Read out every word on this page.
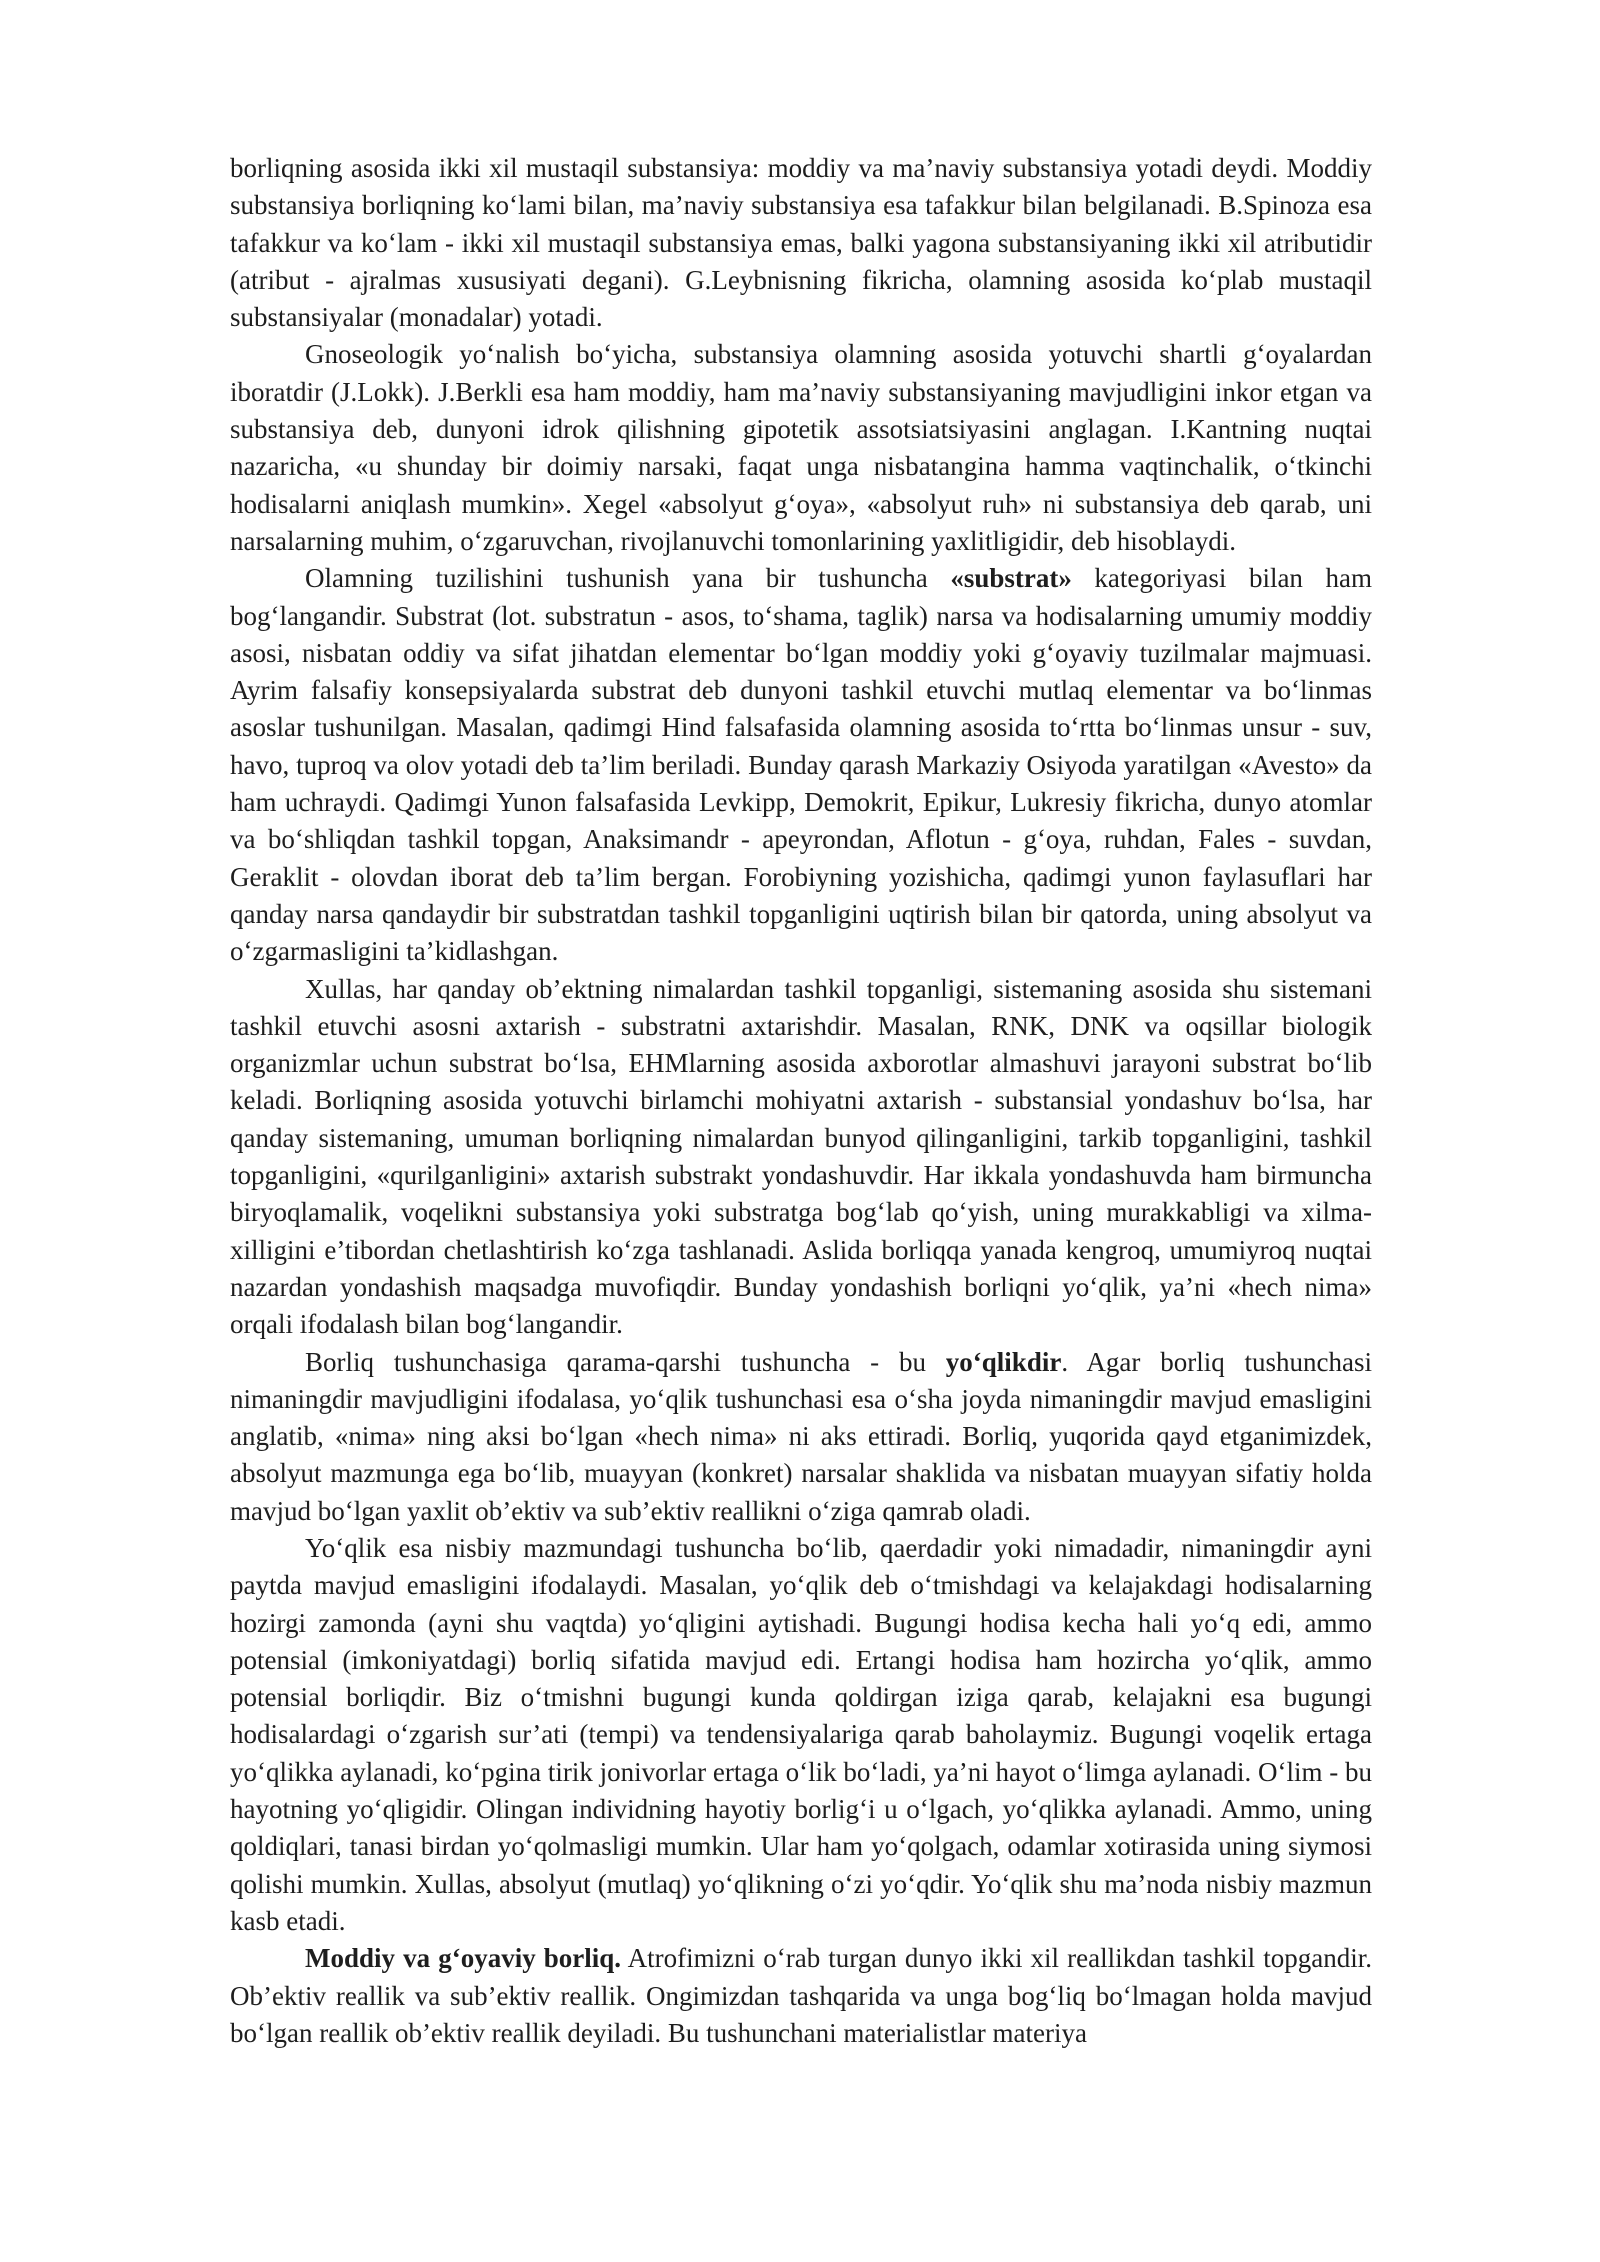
borliqning asosida ikki xil mustaqil substansiya: moddiy va ma’naviy substansiya yotadi deydi. Moddiy substansiya borliqning ko‘lami bilan, ma’naviy substansiya esa tafakkur bilan belgilanadi. B.Spinoza esa tafakkur va ko‘lam - ikki xil mustaqil substansiya emas, balki yagona substansiyaning ikki xil atributidir (atribut - ajralmas xususiyati degani). G.Leybnisning fikricha, olamning asosida ko‘plab mustaqil substansiyalar (monadalar) yotadi.

Gnoseologik yo‘nalish bo‘yicha, substansiya olamning asosida yotuvchi shartli g‘oyalardan iboratdir (J.Lokk). J.Berkli esa ham moddiy, ham ma’naviy substansiyaning mavjudligini inkor etgan va substansiya deb, dunyoni idrok qilishning gipotetik assotsiatsiyasini anglagan. I.Kantning nuqtai nazaricha, «u shunday bir doimiy narsaki, faqat unga nisbatangina hamma vaqtinchalik, o‘tkinchi hodisalarni aniqlash mumkin». Xegel «absolyut g‘oya», «absolyut ruh» ni substansiya deb qarab, uni narsalarning muhim, o‘zgaruvchan, rivojlanuvchi tomonlarining yaxlitligidir, deb hisoblaydi.

Olamning tuzilishini tushunish yana bir tushuncha «substrat» kategoriyasi bilan ham bog‘langandir. Substrat (lot. substratun - asos, to‘shama, taglik) narsa va hodisalarning umumiy moddiy asosi, nisbatan oddiy va sifat jihatdan elementar bo‘lgan moddiy yoki g‘oyaviy tuzilmalar majmuasi. Ayrim falsafiy konsepsiyalarda substrat deb dunyoni tashkil etuvchi mutlaq elementar va bo‘linmas asoslar tushunilgan. Masalan, qadimgi Hind falsafasida olamning asosida to‘rtta bo‘linmas unsur - suv, havo, tuproq va olov yotadi deb ta’lim beriladi. Bunday qarash Markaziy Osiyoda yaratilgan «Avesto» da ham uchraydi. Qadimgi Yunon falsafasida Levkipp, Demokrit, Epikur, Lukresiy fikricha, dunyo atomlar va bo‘shliqdan tashkil topgan, Anaksimandr - apeyrondan, Aflotun - g‘oya, ruhdan, Fales - suvdan, Geraklit - olovdan iborat deb ta’lim bergan. Forobiyning yozishicha, qadimgi yunon faylasuflari har qanday narsa qandaydir bir substratdan tashkil topganligini uqtirish bilan bir qatorda, uning absolyut va o‘zgarmasligini ta’kidlashgan.

Xullas, har qanday ob’ektning nimalardan tashkil topganligi, sistemaning asosida shu sistemani tashkil etuvchi asosni axtarish - substratni axtarishdir. Masalan, RNK, DNK va oqsillar biologik organizmlar uchun substrat bo‘lsa, EHMlarning asosida axborotlar almashuvi jarayoni substrat bo‘lib keladi. Borliqning asosida yotuvchi birlamchi mohiyatni axtarish - substansial yondashuv bo‘lsa, har qanday sistemaning, umuman borliqning nimalardan bunyod qilinganligini, tarkib topganligini, tashkil topganligini, «qurilganligini» axtarish substrakt yondashuvdir. Har ikkala yondashuvda ham birmuncha biryoqlamalik, voqelikni substansiya yoki substratga bog‘lab qo‘yish, uning murakkabligi va xilma-xilligini e’tibordan chetlashtirish ko‘zga tashlanadi. Aslida borliqqa yanada kengroq, umumiyroq nuqtai nazardan yondashish maqsadga muvofiqdir. Bunday yondashish borliqni yo‘qlik, ya’ni «hech nima» orqali ifodalash bilan bog‘langandir.

Borliq tushunchasiga qarama-qarshi tushuncha - bu yo‘qlikdir. Agar borliq tushunchasi nimaningdir mavjudligini ifodalasa, yo‘qlik tushunchasi esa o‘sha joyda nimaningdir mavjud emasligini anglatib, «nima» ning aksi bo‘lgan «hech nima» ni aks ettiradi. Borliq, yuqorida qayd etganimizdek, absolyut mazmunga ega bo‘lib, muayyan (konkret) narsalar shaklida va nisbatan muayyan sifatiy holda mavjud bo‘lgan yaxlit ob’ektiv va sub’ektiv reallikni o‘ziga qamrab oladi.

Yo‘qlik esa nisbiy mazmundagi tushuncha bo‘lib, qaerdadir yoki nimadadir, nimaningdir ayni paytda mavjud emasligini ifodalaydi. Masalan, yo‘qlik deb o‘tmishdagi va kelajakdagi hodisalarning hozirgi zamonda (ayni shu vaqtda) yo‘qligini aytishadi. Bugungi hodisa kecha hali yo‘q edi, ammo potensial (imkoniyatdagi) borliq sifatida mavjud edi. Ertangi hodisa ham hozircha yo‘qlik, ammo potensial borliqdir. Biz o‘tmishni bugungi kunda qoldirgan iziga qarab, kelajakni esa bugungi hodisalardagi o‘zgarish sur’ati (tempi) va tendensiyalariga qarab baholaymiz. Bugungi voqelik ertaga yo‘qlikka aylanadi, ko‘pgina tirik jonivorlar ertaga o‘lik bo‘ladi, ya’ni hayot o‘limga aylanadi. O‘lim - bu hayotning yo‘qligidir. Olingan individning hayotiy borlig‘i u o‘lgach, yo‘qlikka aylanadi. Ammo, uning qoldiqlari, tanasi birdan yo‘qolmasligi mumkin. Ular ham yo‘qolgach, odamlar xotirasida uning siymosi qolishi mumkin. Xullas, absolyut (mutlaq) yo‘qlikning o‘zi yo‘qdir. Yo‘qlik shu ma’noda nisbiy mazmun kasb etadi.

Moddiy va g‘oyaviy borliq. Atrofimizni o‘rab turgan dunyo ikki xil reallikdan tashkil topgandir. Ob’ektiv reallik va sub’ektiv reallik. Ongimizdan tashqarida va unga bog‘liq bo‘lmagan holda mavjud bo‘lgan reallik ob’ektiv reallik deyiladi. Bu tushunchani materialistlar materiya
